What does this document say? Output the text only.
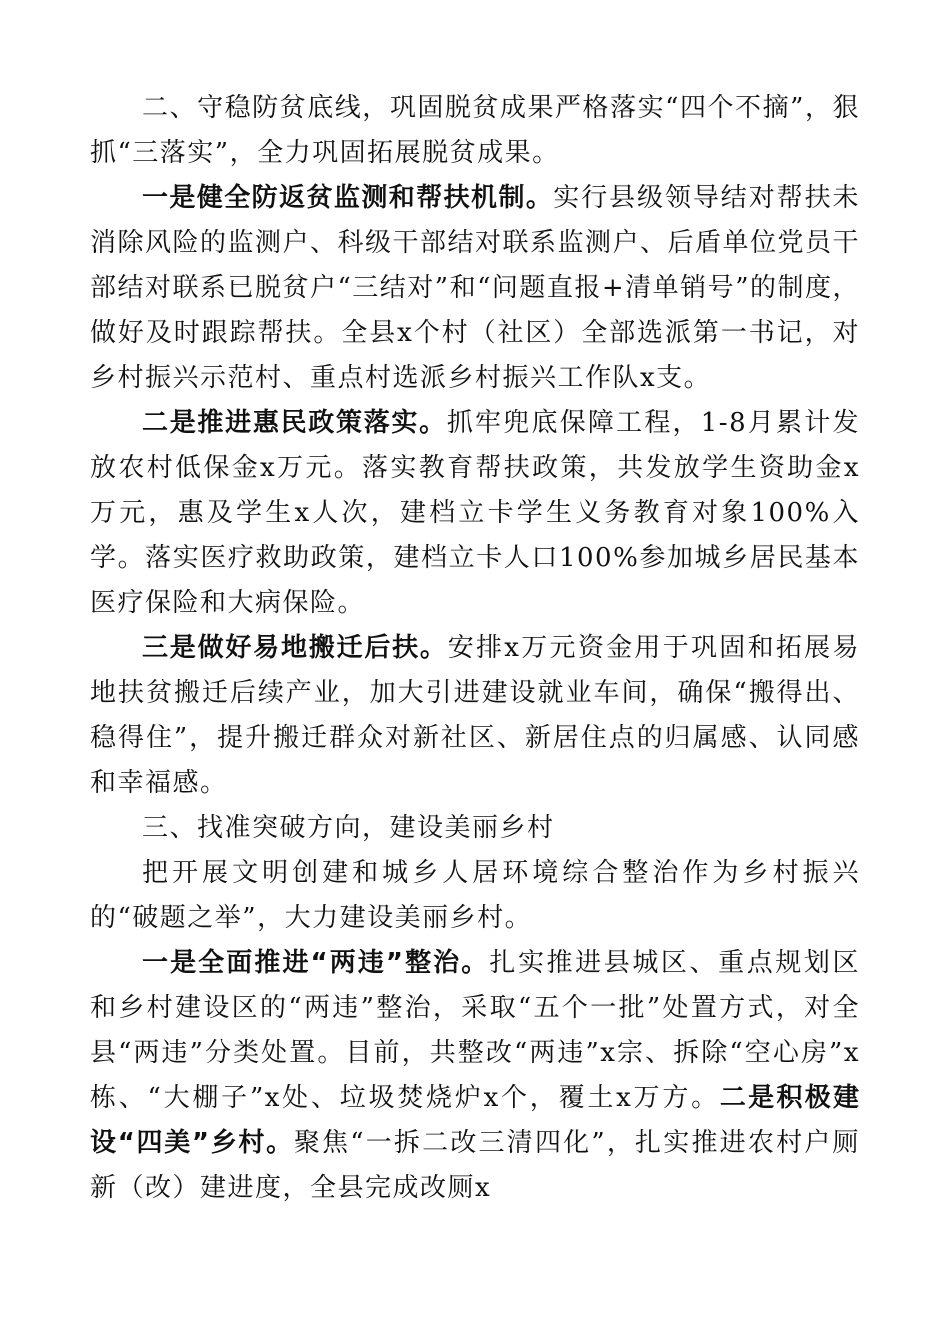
二、守稳防贫底线，巩固脱贫成果严格落实“四个不摘”，狠抓“三落实”，全力巩固拓展脱贫成果。

一是健全防返贫监测和帮扶机制。实行县级领导结对帮扶未消除风险的监测户、科级干部结对联系监测户、后盾单位党员干部结对联系已脱贫户“三结对”和“问题直报+清单销号”的制度，做好及时跟踪帮扶。全县x个村（社区）全部选派第一书记，对乡村振兴示范村、重点村选派乡村振兴工作队x支。

二是推进惠民政策落实。抓牢兜底保障工程，1-8月累计发放农村低保金x万元。落实教育帮扶政策，共发放学生资助金x万元，惠及学生x人次，建档立卡学生义务教育对象100%入学。落实医疗救助政策，建档立卡人口100%参加城乡居民基本医疗保险和大病保险。

三是做好易地搬迁后扶。安排x万元资金用于巩固和拓展易地扶贫搬迁后续产业，加大引进建设就业车间，确保“搬得出、稳得住”，提升搬迁群众对新社区、新居住点的归属感、认同感和幸福感。

三、找准突破方向，建设美丽乡村

把开展文明创建和城乡人居环境综合整治作为乡村振兴的“破题之举”，大力建设美丽乡村。

一是全面推进“两违”整治。扎实推进县城区、重点规划区和乡村建设区的“两违”整治，采取“五个一批”处置方式，对全县“两违”分类处置。目前，共整改“两违”x宗、拆除“空心房”x栋、“大棚子”x处、垃圾焚烧炉x个，覆土x万方。二是积极建设“四美”乡村。聚焦“一拆二改三清四化”，扎实推进农村户厕新（改）建进度，全县完成改厕x
